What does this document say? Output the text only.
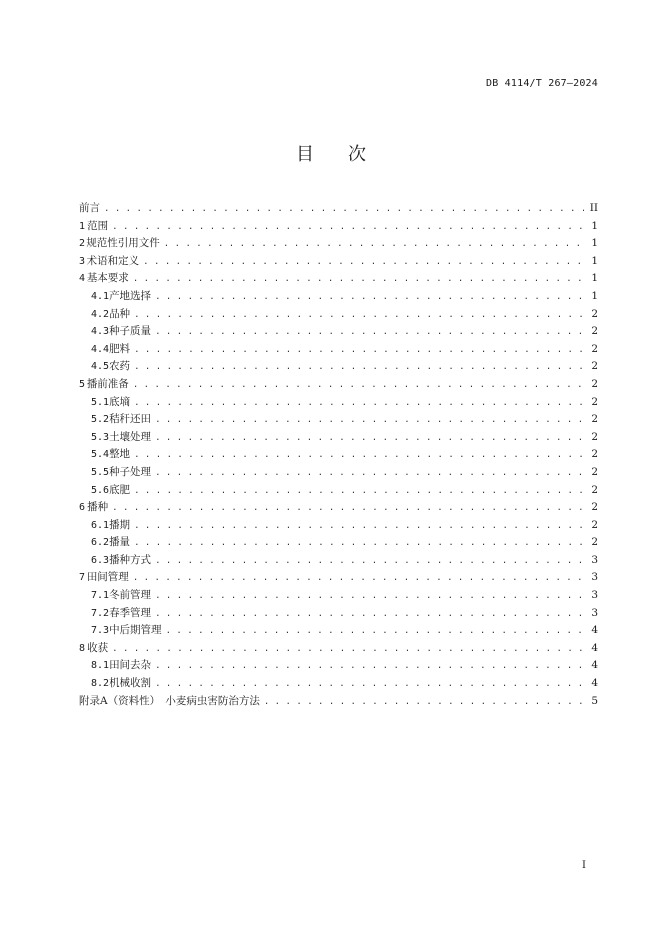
DB 4114/T 267—2024
目次
前言 . . .	II
1 范围 . . .	1
2 规范性引用文件 . . .	1
3 术语和定义 . . .	1
4 基本要求 . . .	1
4.1 产地选择 . . .	1
4.2 品种 . . .	2
4.3 种子质量 . . .	2
4.4 肥料 . . .	2
4.5 农药 . . .	2
5 播前准备 . . .	2
5.1 底墒 . . .	2
5.2 秸秆还田 . . .	2
5.3 土壤处理 . . .	2
5.4 整地 . . .	2
5.5 种子处理 . . .	2
5.6 底肥 . . .	2
6 播种 . . .	2
6.1 播期 . . .	2
6.2 播量 . . .	2
6.3 播种方式 . . .	3
7 田间管理 . . .	3
7.1 冬前管理 . . .	3
7.2 春季管理 . . .	3
7.3 中后期管理 . . .	4
8 收获 . . .	4
8.1 田间去杂 . . .	4
8.2 机械收割 . . .	4
附录A（资料性）　小麦病虫害防治方法 . . .	5
I
